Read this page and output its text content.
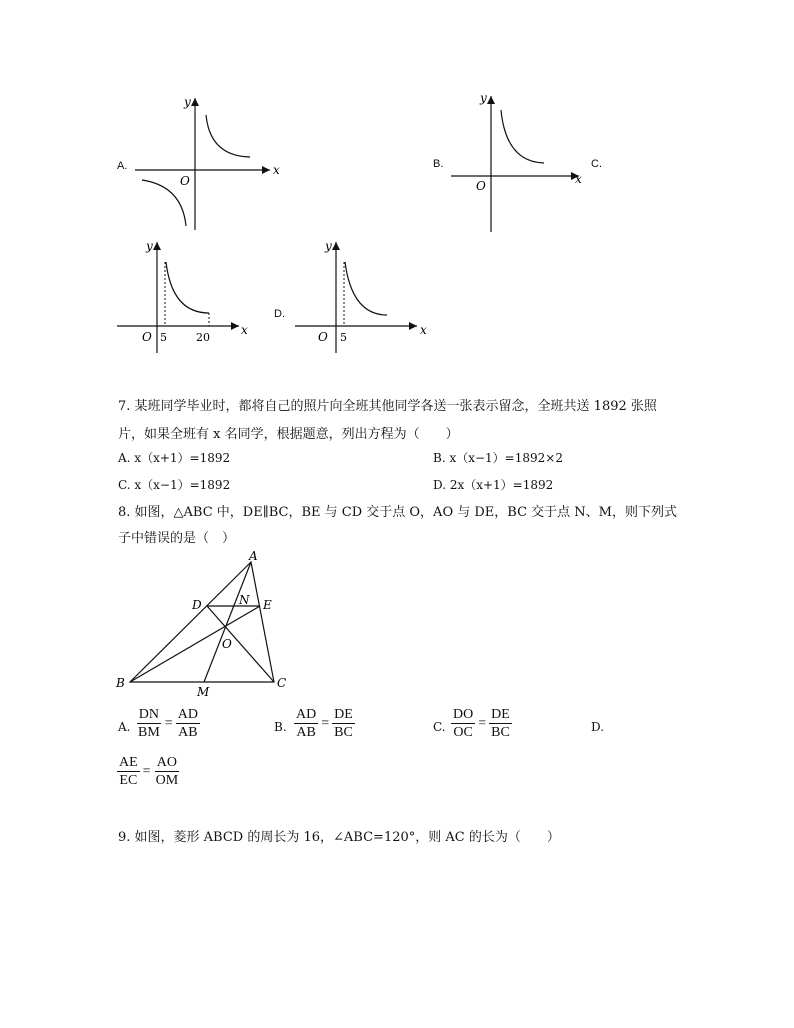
A.	B.	C.
D.
y
x
O
y
x
O
y
x
O 5	20
y
x
O 5
7. 某班同学毕业时，都将自己的照片向全班其他同学各送一张表示留念，全班共送 1892 张照
片，如果全班有 x 名同学，根据题意，列出方程为（　　）
A. x（x+1）=1892	B. x（x−1）=1892×2
C. x（x−1）=1892	D. 2x（x+1）=1892
8. 如图，△ABC 中，DE∥BC，BE 与 CD 交于点 O，AO 与 DE，BC 交于点 N、M，则下列式
子中错误的是（　）
A
B	C
D	E
N
O
M
A. $\frac{DN}{BM} = \frac{AD}{AB}$	B. $\frac{AD}{AB} = \frac{DE}{BC}$	C. $\frac{DO}{OC} = \frac{DE}{BC}$	D.
$\frac{AE}{EC} = \frac{AO}{OM}$
9. 如图，菱形 ABCD 的周长为 16，∠ABC=120°，则 AC 的长为（　　）
